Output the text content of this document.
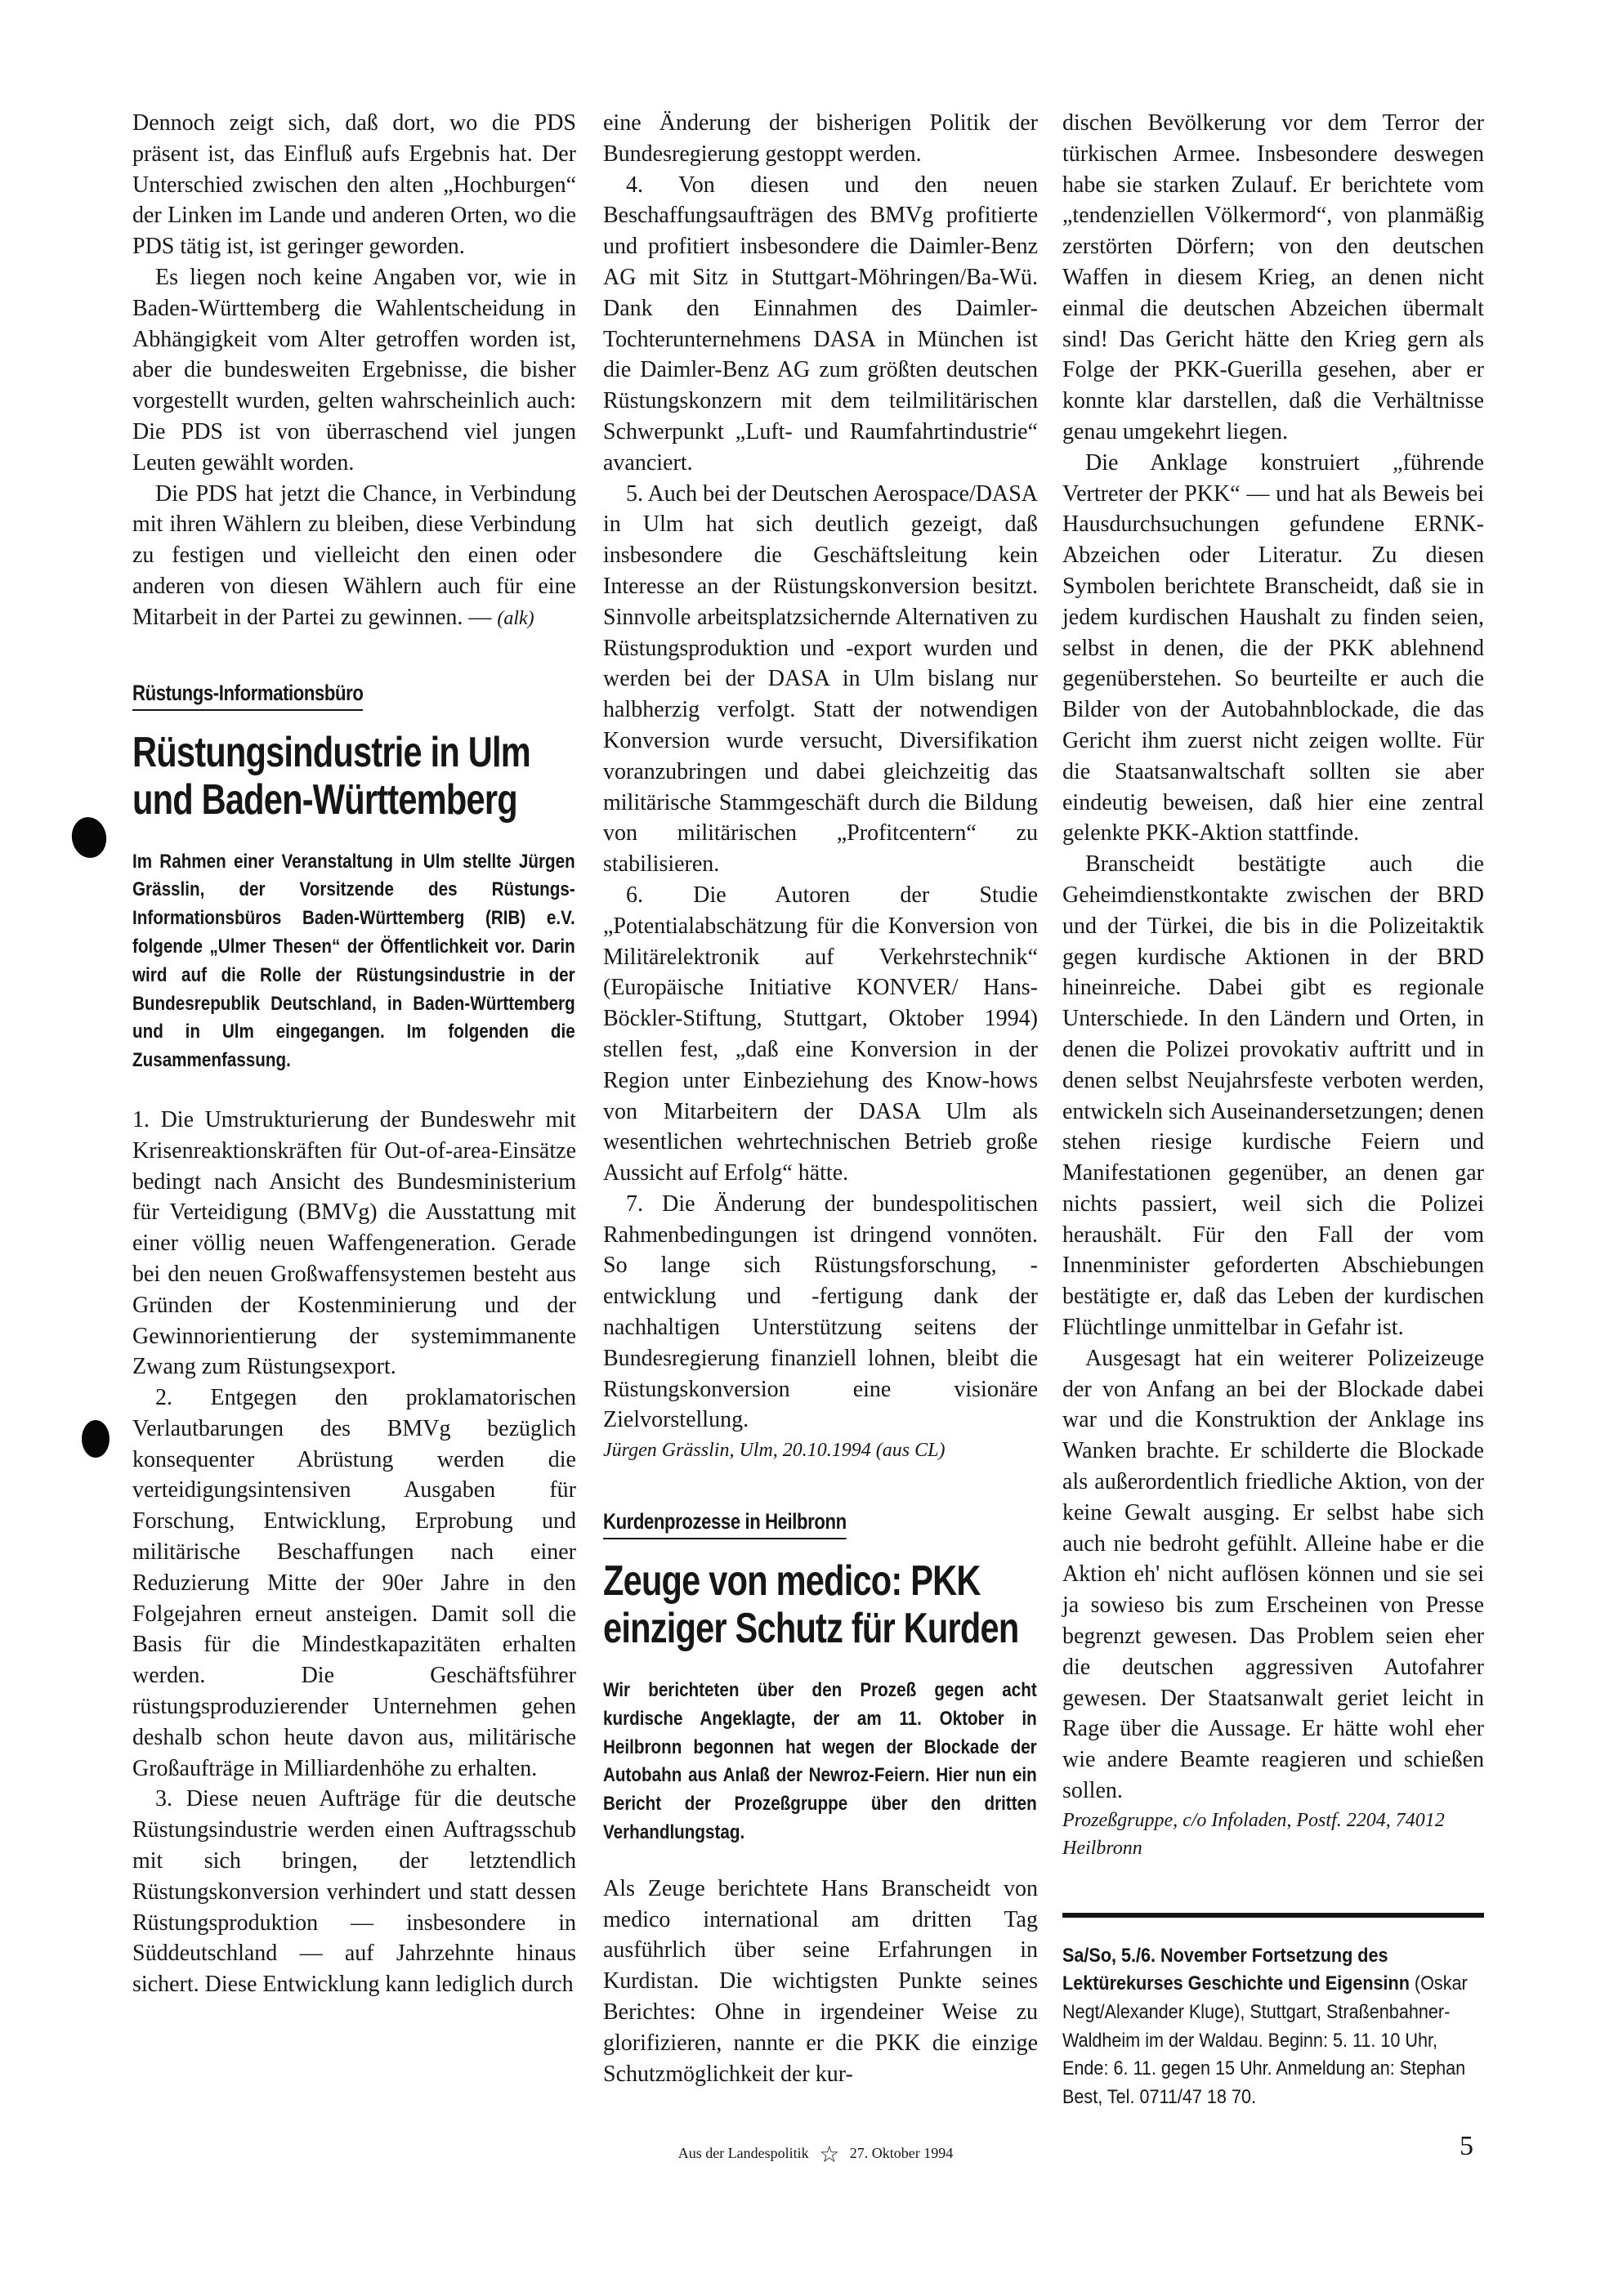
Dennoch zeigt sich, daß dort, wo die PDS präsent ist, das Einfluß aufs Ergebnis hat. Der Unterschied zwischen den alten „Hochburgen“ der Linken im Lande und anderen Orten, wo die PDS tätig ist, ist geringer geworden.

Es liegen noch keine Angaben vor, wie in Baden-Württemberg die Wahlentscheidung in Abhängigkeit vom Alter getroffen worden ist, aber die bundesweiten Ergebnisse, die bisher vorgestellt wurden, gelten wahrscheinlich auch: Die PDS ist von überraschend viel jungen Leuten gewählt worden.

Die PDS hat jetzt die Chance, in Verbindung mit ihren Wählern zu bleiben, diese Verbindung zu festigen und vielleicht den einen oder anderen von diesen Wählern auch für eine Mitarbeit in der Partei zu gewinnen. — (alk)

Rüstungs-Informationsbüro
Rüstungsindustrie in Ulm und Baden-Württemberg

Im Rahmen einer Veranstaltung in Ulm stellte Jürgen Grässlin, der Vorsitzende des Rüstungs-Informationsbüros Baden-Württemberg (RIB) e.V. folgende „Ulmer Thesen“ der Öffentlichkeit vor. Darin wird auf die Rolle der Rüstungsindustrie in der Bundesrepublik Deutschland, in Baden-Württemberg und in Ulm eingegangen. Im folgenden die Zusammenfassung.

1. Die Umstrukturierung der Bundeswehr mit Krisenreaktionskräften für Out-of-area-Einsätze bedingt nach Ansicht des Bundesministerium für Verteidigung (BMVg) die Ausstattung mit einer völlig neuen Waffengeneration. Gerade bei den neuen Großwaffensystemen besteht aus Gründen der Kostenminierung und der Gewinnorientierung der systemimmanente Zwang zum Rüstungsexport.

2. Entgegen den proklamatorischen Verlautbarungen des BMVg bezüglich konsequenter Abrüstung werden die verteidigungsintensiven Ausgaben für Forschung, Entwicklung, Erprobung und militärische Beschaffungen nach einer Reduzierung Mitte der 90er Jahre in den Folgejahren erneut ansteigen. Damit soll die Basis für die Mindestkapazitäten erhalten werden. Die Geschäftsführer rüstungsproduzierender Unternehmen gehen deshalb schon heute davon aus, militärische Großaufträge in Milliardenhöhe zu erhalten.

3. Diese neuen Aufträge für die deutsche Rüstungsindustrie werden einen Auftragsschub mit sich bringen, der letztendlich Rüstungskonversion verhindert und statt dessen Rüstungsproduktion — insbesondere in Süddeutschland — auf Jahrzehnte hinaus sichert. Diese Entwicklung kann lediglich durch

eine Änderung der bisherigen Politik der Bundesregierung gestoppt werden.

4. Von diesen und den neuen Beschaffungsaufträgen des BMVg profitierte und profitiert insbesondere die Daimler-Benz AG mit Sitz in Stuttgart-Möhringen/Ba-Wü. Dank den Einnahmen des Daimler-Tochterunternehmens DASA in München ist die Daimler-Benz AG zum größten deutschen Rüstungskonzern mit dem teilmilitärischen Schwerpunkt „Luft- und Raumfahrtindustrie“ avanciert.

5. Auch bei der Deutschen Aerospace/DASA in Ulm hat sich deutlich gezeigt, daß insbesondere die Geschäftsleitung kein Interesse an der Rüstungskonversion besitzt. Sinnvolle arbeitsplatzsichernde Alternativen zu Rüstungsproduktion und -export wurden und werden bei der DASA in Ulm bislang nur halbherzig verfolgt. Statt der notwendigen Konversion wurde versucht, Diversifikation voranzubringen und dabei gleichzeitig das militärische Stammgeschäft durch die Bildung von militärischen „Profitcentern“ zu stabilisieren.

6. Die Autoren der Studie „Potentialabschätzung für die Konversion von Militärelektronik auf Verkehrstechnik“ (Europäische Initiative KONVER/ Hans-Böckler-Stiftung, Stuttgart, Oktober 1994) stellen fest, „daß eine Konversion in der Region unter Einbeziehung des Know-hows von Mitarbeitern der DASA Ulm als wesentlichen wehrtechnischen Betrieb große Aussicht auf Erfolg“ hätte.

7. Die Änderung der bundespolitischen Rahmenbedingungen ist dringend vonnöten. So lange sich Rüstungsforschung, -entwicklung und -fertigung dank der nachhaltigen Unterstützung seitens der Bundesregierung finanziell lohnen, bleibt die Rüstungskonversion eine visionäre Zielvorstellung.

Jürgen Grässlin, Ulm, 20.10.1994 (aus CL)

Kurdenprozesse in Heilbronn
Zeuge von medico: PKK einziger Schutz für Kurden

Wir berichteten über den Prozeß gegen acht kurdische Angeklagte, der am 11. Oktober in Heilbronn begonnen hat wegen der Blockade der Autobahn aus Anlaß der Newroz-Feiern. Hier nun ein Bericht der Prozeßgruppe über den dritten Verhandlungstag.

Als Zeuge berichtete Hans Branscheidt von medico international am dritten Tag ausführlich über seine Erfahrungen in Kurdistan. Die wichtigsten Punkte seines Berichtes: Ohne in irgendeiner Weise zu glorifizieren, nannte er die PKK die einzige Schutzmöglichkeit der kur-

dischen Bevölkerung vor dem Terror der türkischen Armee. Insbesondere deswegen habe sie starken Zulauf. Er berichtete vom „tendenziellen Völkermord“, von planmäßig zerstörten Dörfern; von den deutschen Waffen in diesem Krieg, an denen nicht einmal die deutschen Abzeichen übermalt sind! Das Gericht hätte den Krieg gern als Folge der PKK-Guerilla gesehen, aber er konnte klar darstellen, daß die Verhältnisse genau umgekehrt liegen.

Die Anklage konstruiert „führende Vertreter der PKK“ — und hat als Beweis bei Hausdurchsuchungen gefundene ERNK-Abzeichen oder Literatur. Zu diesen Symbolen berichtete Branscheidt, daß sie in jedem kurdischen Haushalt zu finden seien, selbst in denen, die der PKK ablehnend gegenüberstehen. So beurteilte er auch die Bilder von der Autobahnblockade, die das Gericht ihm zuerst nicht zeigen wollte. Für die Staatsanwaltschaft sollten sie aber eindeutig beweisen, daß hier eine zentral gelenkte PKK-Aktion stattfinde.

Branscheidt bestätigte auch die Geheimdienstkontakte zwischen der BRD und der Türkei, die bis in die Polizeitaktik gegen kurdische Aktionen in der BRD hineinreiche. Dabei gibt es regionale Unterschiede. In den Ländern und Orten, in denen die Polizei provokativ auftritt und in denen selbst Neujahrsfeste verboten werden, entwickeln sich Auseinandersetzungen; denen stehen riesige kurdische Feiern und Manifestationen gegenüber, an denen gar nichts passiert, weil sich die Polizei heraushält. Für den Fall der vom Innenminister geforderten Abschiebungen bestätigte er, daß das Leben der kurdischen Flüchtlinge unmittelbar in Gefahr ist.

Ausgesagt hat ein weiterer Polizeizeuge der von Anfang an bei der Blockade dabei war und die Konstruktion der Anklage ins Wanken brachte. Er schilderte die Blockade als außerordentlich friedliche Aktion, von der keine Gewalt ausging. Er selbst habe sich auch nie bedroht gefühlt. Alleine habe er die Aktion eh' nicht auflösen können und sie sei ja sowieso bis zum Erscheinen von Presse begrenzt gewesen. Das Problem seien eher die deutschen aggressiven Autofahrer gewesen. Der Staatsanwalt geriet leicht in Rage über die Aussage. Er hätte wohl eher wie andere Beamte reagieren und schießen sollen.

Prozeßgruppe, c/o Infoladen, Postf. 2204, 74012 Heilbronn

Sa/So, 5./6. November Fortsetzung des Lektürekurses Geschichte und Eigensinn (Oskar Negt/Alexander Kluge), Stuttgart, Straßenbahner-Waldheim im der Waldau. Beginn: 5. 11. 10 Uhr, Ende: 6. 11. gegen 15 Uhr. Anmeldung an: Stephan Best, Tel. 0711/47 18 70.

Aus der Landespolitik ☆ 27. Oktober 1994	5
